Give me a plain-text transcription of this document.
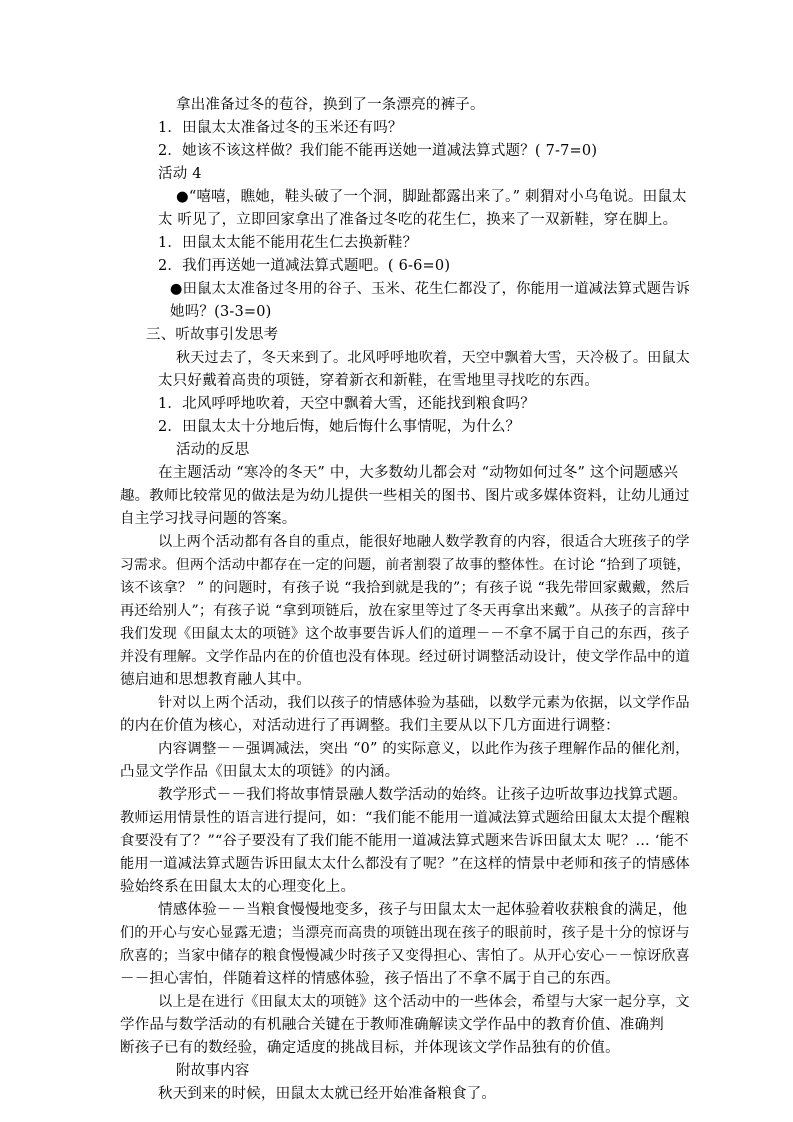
拿出准备过冬的苞谷，换到了一条漂亮的裤子。
1．田鼠太太准备过冬的玉米还有吗？
2．她该不该这样做？我们能不能再送她一道减法算式题？( 7-7=0)
活动 4
●“嘻嘻，瞧她，鞋头破了一个洞，脚趾都露出来了。” 刺猬对小乌龟说。田鼠太
太 听见了，立即回家拿出了准备过冬吃的花生仁，换来了一双新鞋，穿在脚上。
1．田鼠太太能不能用花生仁去换新鞋？
2．我们再送她一道减法算式题吧。( 6-6=0)
●田鼠太太准备过冬用的谷子、玉米、花生仁都没了，你能用一道减法算式题告诉
她吗？(3-3=0)
三、听故事引发思考
秋天过去了，冬天来到了。北风呼呼地吹着，天空中飘着大雪，天冷极了。田鼠太
太只好戴着高贵的项链，穿着新衣和新鞋，在雪地里寻找吃的东西。
1．北风呼呼地吹着，天空中飘着大雪，还能找到粮食吗？
2．田鼠太太十分地后悔，她后悔什么事情呢，为什么？
活动的反思
在主题活动 “寒冷的冬天” 中，大多数幼儿都会对 “动物如何过冬” 这个问题感兴
趣。教师比较常见的做法是为幼儿提供一些相关的图书、图片或多媒体资料，让幼儿通过
自主学习找寻问题的答案。
以上两个活动都有各自的重点，能很好地融人数学教育的内容，很适合大班孩子的学
习需求。但两个活动中都存在一定的问题，前者割裂了故事的整体性。在讨论 “拾到了项链，
该不该拿？ ” 的问题时，有孩子说 “我拾到就是我的”；有孩子说 “我先带回家戴戴，然后
再还给别人”；有孩子说 “拿到项链后，放在家里等过了冬天再拿出来戴”。从孩子的言辞中
我们发现《田鼠太太的项链》这个故事要告诉人们的道理－－不拿不属于自己的东西，孩子
并没有理解。文学作品内在的价值也没有体现。经过研讨调整活动设计，使文学作品中的道
德启迪和思想教育融人其中。
针对以上两个活动，我们以孩子的情感体验为基础，以数学元素为依据，以文学作品
的内在价值为核心，对活动进行了再调整。我们主要从以下几方面进行调整：
内容调整－－强调减法，突出 “0” 的实际意义，以此作为孩子理解作品的催化剂，
凸显文学作品《田鼠太太的项链》的内涵。
教学形式－－我们将故事情景融人数学活动的始终。让孩子边听故事边找算式题。
教师运用情景性的语言进行提问，如：“我们能不能用一道减法算式题给田鼠太太提个醒粮
食要没有了？”“谷子要没有了我们能不能用一道减法算式题来告诉田鼠太太 呢？… ‘能不
能用一道减法算式题告诉田鼠太太什么都没有了呢？”在这样的情景中老师和孩子的情感体
验始终系在田鼠太太的心理变化上。
情感体验－－当粮食慢慢地变多，孩子与田鼠太太一起体验着收获粮食的满足，他
们的开心与安心显露无遗；当漂亮而高贵的项链出现在孩子的眼前时，孩子是十分的惊讶与
欣喜的；当家中储存的粮食慢慢减少时孩子又变得担心、害怕了。从开心安心－－惊讶欣喜
－－担心害怕，伴随着这样的情感体验，孩子悟出了不拿不属于自己的东西。
以上是在进行《田鼠太太的项链》这个活动中的一些体会，希望与大家一起分享，文
学作品与数学活动的有机融合关键在于教师准确解读文学作品中的教育价值、准确判
断孩子已有的数经验，确定适度的挑战目标，并体现该文学作品独有的价值。
附故事内容
秋天到来的时候，田鼠太太就已经开始准备粮食了。
